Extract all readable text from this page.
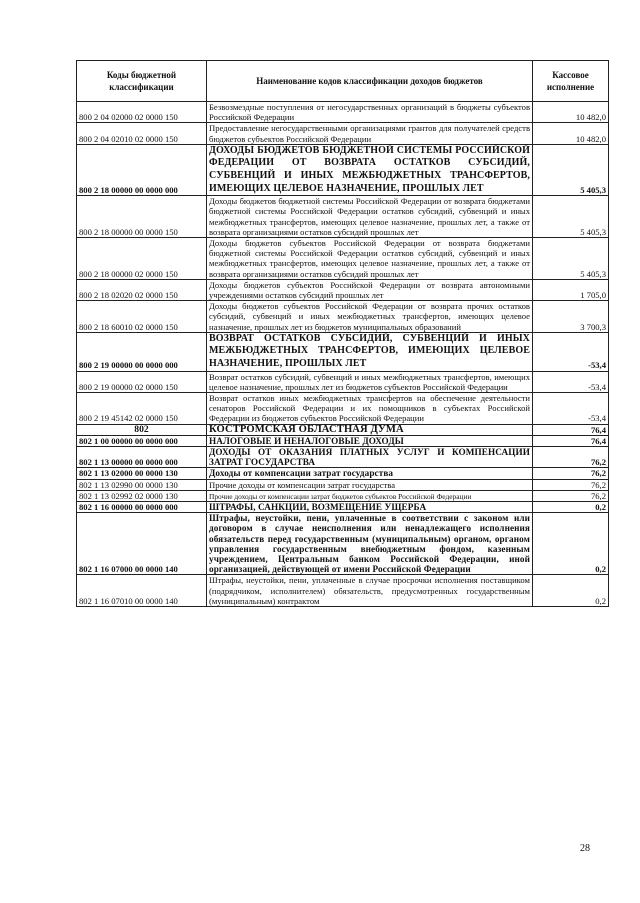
Коды бюджетной классификации	Наименование кодов классификации доходов бюджетов	Кассовое исполнение
800 2 04 02000 02 0000 150	Безвозмездные поступления от негосударственных организаций в бюджеты субъектов Российской Федерации	10 482,0
800 2 04 02010 02 0000 150	Предоставление негосударственными организациями грантов для получателей средств бюджетов субъектов Российской Федерации	10 482,0
800 2 18 00000 00 0000 000	ДОХОДЫ БЮДЖЕТОВ БЮДЖЕТНОЙ СИСТЕМЫ РОССИЙСКОЙ ФЕДЕРАЦИИ ОТ ВОЗВРАТА ОСТАТКОВ СУБСИДИЙ, СУБВЕНЦИЙ И ИНЫХ МЕЖБЮДЖЕТНЫХ ТРАНСФЕРТОВ, ИМЕЮЩИХ ЦЕЛЕВОЕ НАЗНАЧЕНИЕ, ПРОШЛЫХ ЛЕТ	5 405,3
800 2 18 00000 00 0000 150	Доходы бюджетов бюджетной системы Российской Федерации от возврата бюджетами бюджетной системы Российской Федерации остатков субсидий, субвенций и иных межбюджетных трансфертов, имеющих целевое назначение, прошлых лет, а также от возврата организациями остатков субсидий прошлых лет	5 405,3
800 2 18 00000 02 0000 150	Доходы бюджетов субъектов Российской Федерации от возврата бюджетами бюджетной системы Российской Федерации остатков субсидий, субвенций и иных межбюджетных трансфертов, имеющих целевое назначение, прошлых лет, а также от возврата организациями остатков субсидий прошлых лет	5 405,3
800 2 18 02020 02 0000 150	Доходы бюджетов субъектов Российской Федерации от возврата автономными учреждениями остатков субсидий прошлых лет	1 705,0
800 2 18 60010 02 0000 150	Доходы бюджетов субъектов Российской Федерации от возврата прочих остатков субсидий, субвенций и иных межбюджетных трансфертов, имеющих целевое назначение, прошлых лет из бюджетов муниципальных образований	3 700,3
800 2 19 00000 00 0000 000	ВОЗВРАТ ОСТАТКОВ СУБСИДИЙ, СУБВЕНЦИЙ И ИНЫХ МЕЖБЮДЖЕТНЫХ ТРАНСФЕРТОВ, ИМЕЮЩИХ ЦЕЛЕВОЕ НАЗНАЧЕНИЕ, ПРОШЛЫХ ЛЕТ	-53,4
800 2 19 00000 02 0000 150	Возврат остатков субсидий, субвенций и иных межбюджетных трансфертов, имеющих целевое назначение, прошлых лет из бюджетов субъектов Российской Федерации	-53,4
800 2 19 45142 02 0000 150	Возврат остатков иных межбюджетных трансфертов на обеспечение деятельности сенаторов Российской Федерации и их помощников в субъектах Российской Федерации из бюджетов субъектов Российской Федерации	-53,4
802	КОСТРОМСКАЯ ОБЛАСТНАЯ ДУМА	76,4
802 1 00 00000 00 0000 000	НАЛОГОВЫЕ И НЕНАЛОГОВЫЕ ДОХОДЫ	76,4
802 1 13 00000 00 0000 000	ДОХОДЫ ОТ ОКАЗАНИЯ ПЛАТНЫХ УСЛУГ И КОМПЕНСАЦИИ ЗАТРАТ ГОСУДАРСТВА	76,2
802 1 13 02000 00 0000 130	Доходы от компенсации затрат государства	76,2
802 1 13 02990 00 0000 130	Прочие доходы от компенсации затрат государства	76,2
802 1 13 02992 02 0000 130	Прочие доходы от компенсации затрат бюджетов субъектов Российской Федерации	76,2
802 1 16 00000 00 0000 000	ШТРАФЫ, САНКЦИИ, ВОЗМЕЩЕНИЕ УЩЕРБА	0,2
802 1 16 07000 00 0000 140	Штрафы, неустойки, пени, уплаченные в соответствии с законом или договором в случае неисполнения или ненадлежащего исполнения обязательств перед государственным (муниципальным) органом, органом управления государственным внебюджетным фондом, казенным учреждением, Центральным банком Российской Федерации, иной организацией, действующей от имени Российской Федерации	0,2
802 1 16 07010 00 0000 140	Штрафы, неустойки, пени, уплаченные в случае просрочки исполнения поставщиком (подрядчиком, исполнителем) обязательств, предусмотренных государственным (муниципальным) контрактом	0,2
28
